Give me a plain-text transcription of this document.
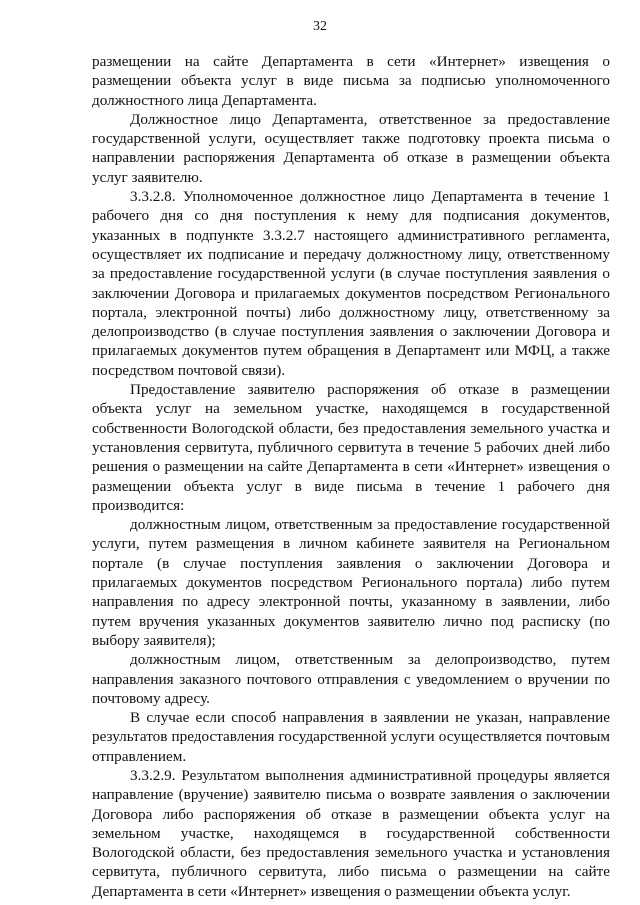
32

размещении на сайте Департамента в сети «Интернет» извещения о размещении объекта услуг в виде письма за подписью уполномоченного должностного лица Департамента.

Должностное лицо Департамента, ответственное за предоставление государственной услуги, осуществляет также подготовку проекта письма о направлении распоряжения Департамента об отказе в размещении объекта услуг заявителю.

3.3.2.8. Уполномоченное должностное лицо Департамента в течение 1 рабочего дня со дня поступления к нему для подписания документов, указанных в подпункте 3.3.2.7 настоящего административного регламента, осуществляет их подписание и передачу должностному лицу, ответственному за предоставление государственной услуги (в случае поступления заявления о заключении Договора и прилагаемых документов посредством Регионального портала, электронной почты) либо должностному лицу, ответственному за делопроизводство (в случае поступления заявления о заключении Договора и прилагаемых документов путем обращения в Департамент или МФЦ, а также посредством почтовой связи).

Предоставление заявителю распоряжения об отказе в размещении объекта услуг на земельном участке, находящемся в государственной собственности Вологодской области, без предоставления земельного участка и установления сервитута, публичного сервитута в течение 5 рабочих дней либо решения о размещении на сайте Департамента в сети «Интернет» извещения о размещении объекта услуг в виде письма в течение 1 рабочего дня производится:

должностным лицом, ответственным за предоставление государственной услуги, путем размещения в личном кабинете заявителя на Региональном портале (в случае поступления заявления о заключении Договора и прилагаемых документов посредством Регионального портала) либо путем направления по адресу электронной почты, указанному в заявлении, либо путем вручения указанных документов заявителю лично под расписку (по выбору заявителя);

должностным лицом, ответственным за делопроизводство, путем направления заказного почтового отправления с уведомлением о вручении по почтовому адресу.

В случае если способ направления в заявлении не указан, направление результатов предоставления государственной услуги осуществляется почтовым отправлением.

3.3.2.9. Результатом выполнения административной процедуры является направление (вручение) заявителю письма о возврате заявления о заключении Договора либо распоряжения об отказе в размещении объекта услуг на земельном участке, находящемся в государственной собственности Вологодской области, без предоставления земельного участка и установления сервитута, публичного сервитута, либо письма о размещении на сайте Департамента в сети «Интернет» извещения о размещении объекта услуг.
